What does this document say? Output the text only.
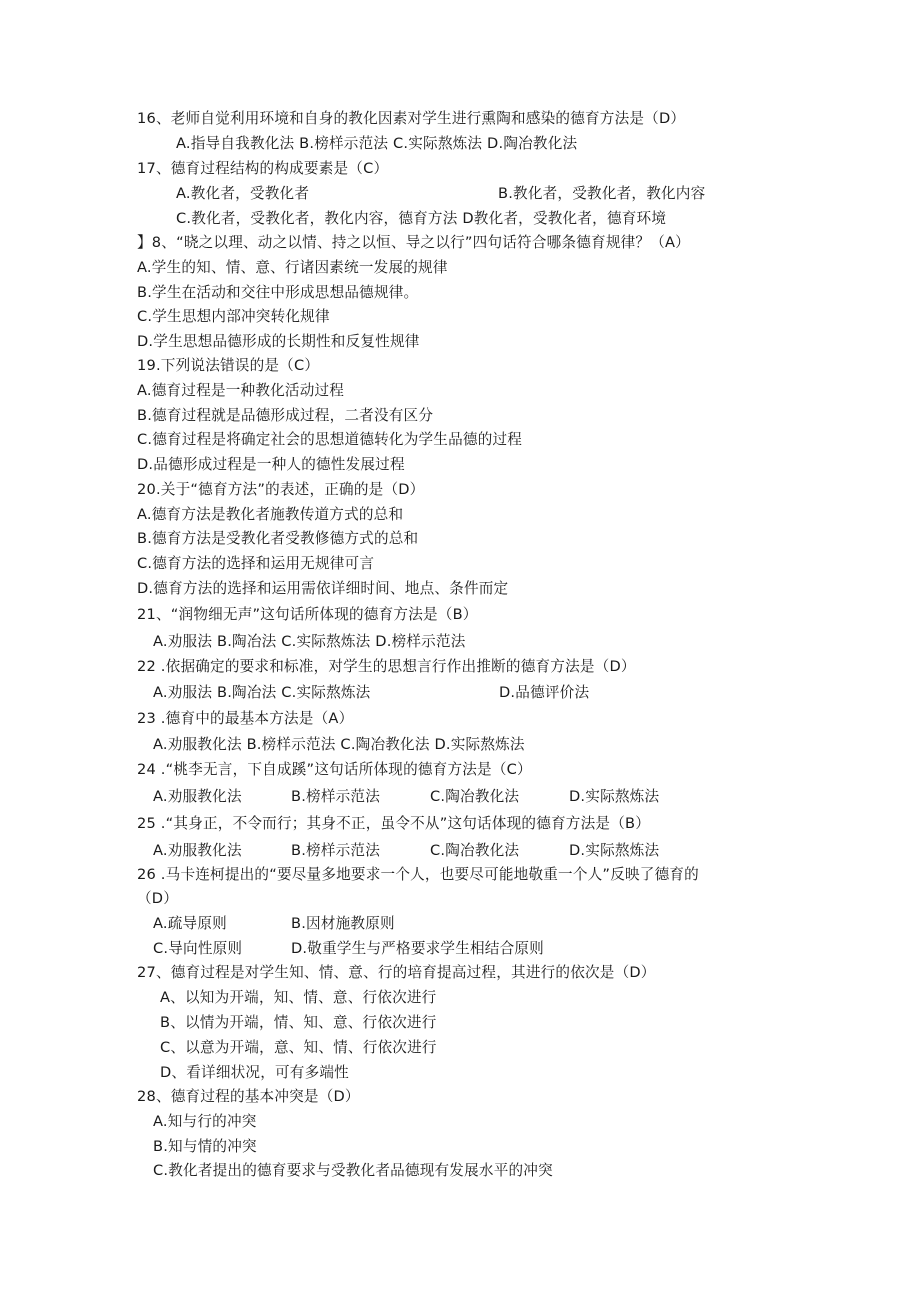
16、老师自觉利用环境和自身的教化因素对学生进行熏陶和感染的德育方法是（D）
A.指导自我教化法 B.榜样示范法 C.实际熬炼法 D.陶冶教化法
17、德育过程结构的构成要素是（C）
A.教化者，受教化者	B.教化者，受教化者，教化内容
C.教化者，受教化者，教化内容，德育方法 D教化者，受教化者，德育环境
】8、“晓之以理、动之以情、持之以恒、导之以行”四句话符合哪条德育规律？（A）
A.学生的知、情、意、行诸因素统一发展的规律
B.学生在活动和交往中形成思想品德规律。
C.学生思想内部冲突转化规律
D.学生思想品德形成的长期性和反复性规律
19.下列说法错误的是（C）
A.德育过程是一种教化活动过程
B.德育过程就是品德形成过程，二者没有区分
C.德育过程是将确定社会的思想道德转化为学生品德的过程
D.品德形成过程是一种人的德性发展过程
20.关于“德育方法”的表述，正确的是（D）
A.德育方法是教化者施教传道方式的总和
B.德育方法是受教化者受教修德方式的总和
C.德育方法的选择和运用无规律可言
D.德育方法的选择和运用需依详细时间、地点、条件而定
21、“润物细无声”这句话所体现的德育方法是（B）
A.劝服法 B.陶冶法 C.实际熬炼法 D.榜样示范法
22 .依据确定的要求和标准，对学生的思想言行作出推断的德育方法是（D）
A.劝服法 B.陶冶法 C.实际熬炼法	D.品德评价法
23 .德育中的最基本方法是（A）
A.劝服教化法 B.榜样示范法 C.陶冶教化法 D.实际熬炼法
24 .“桃李无言，下自成蹊”这句话所体现的德育方法是（C）
A.劝服教化法	B.榜样示范法	C.陶冶教化法	D.实际熬炼法
25 .“其身正，不令而行；其身不正，虽令不从”这句话体现的德育方法是（B）
A.劝服教化法	B.榜样示范法	C.陶冶教化法	D.实际熬炼法
26 .马卡连柯提出的“要尽量多地要求一个人，也要尽可能地敬重一个人”反映了德育的
（D）
A.疏导原则	B.因材施教原则
C.导向性原则	D.敬重学生与严格要求学生相结合原则
27、德育过程是对学生知、情、意、行的培育提高过程，其进行的依次是（D）
A、以知为开端，知、情、意、行依次进行
B、以情为开端，情、知、意、行依次进行
C、以意为开端，意、知、情、行依次进行
D、看详细状况，可有多端性
28、德育过程的基本冲突是（D）
A.知与行的冲突
B.知与情的冲突
C.教化者提出的德育要求与受教化者品德现有发展水平的冲突
